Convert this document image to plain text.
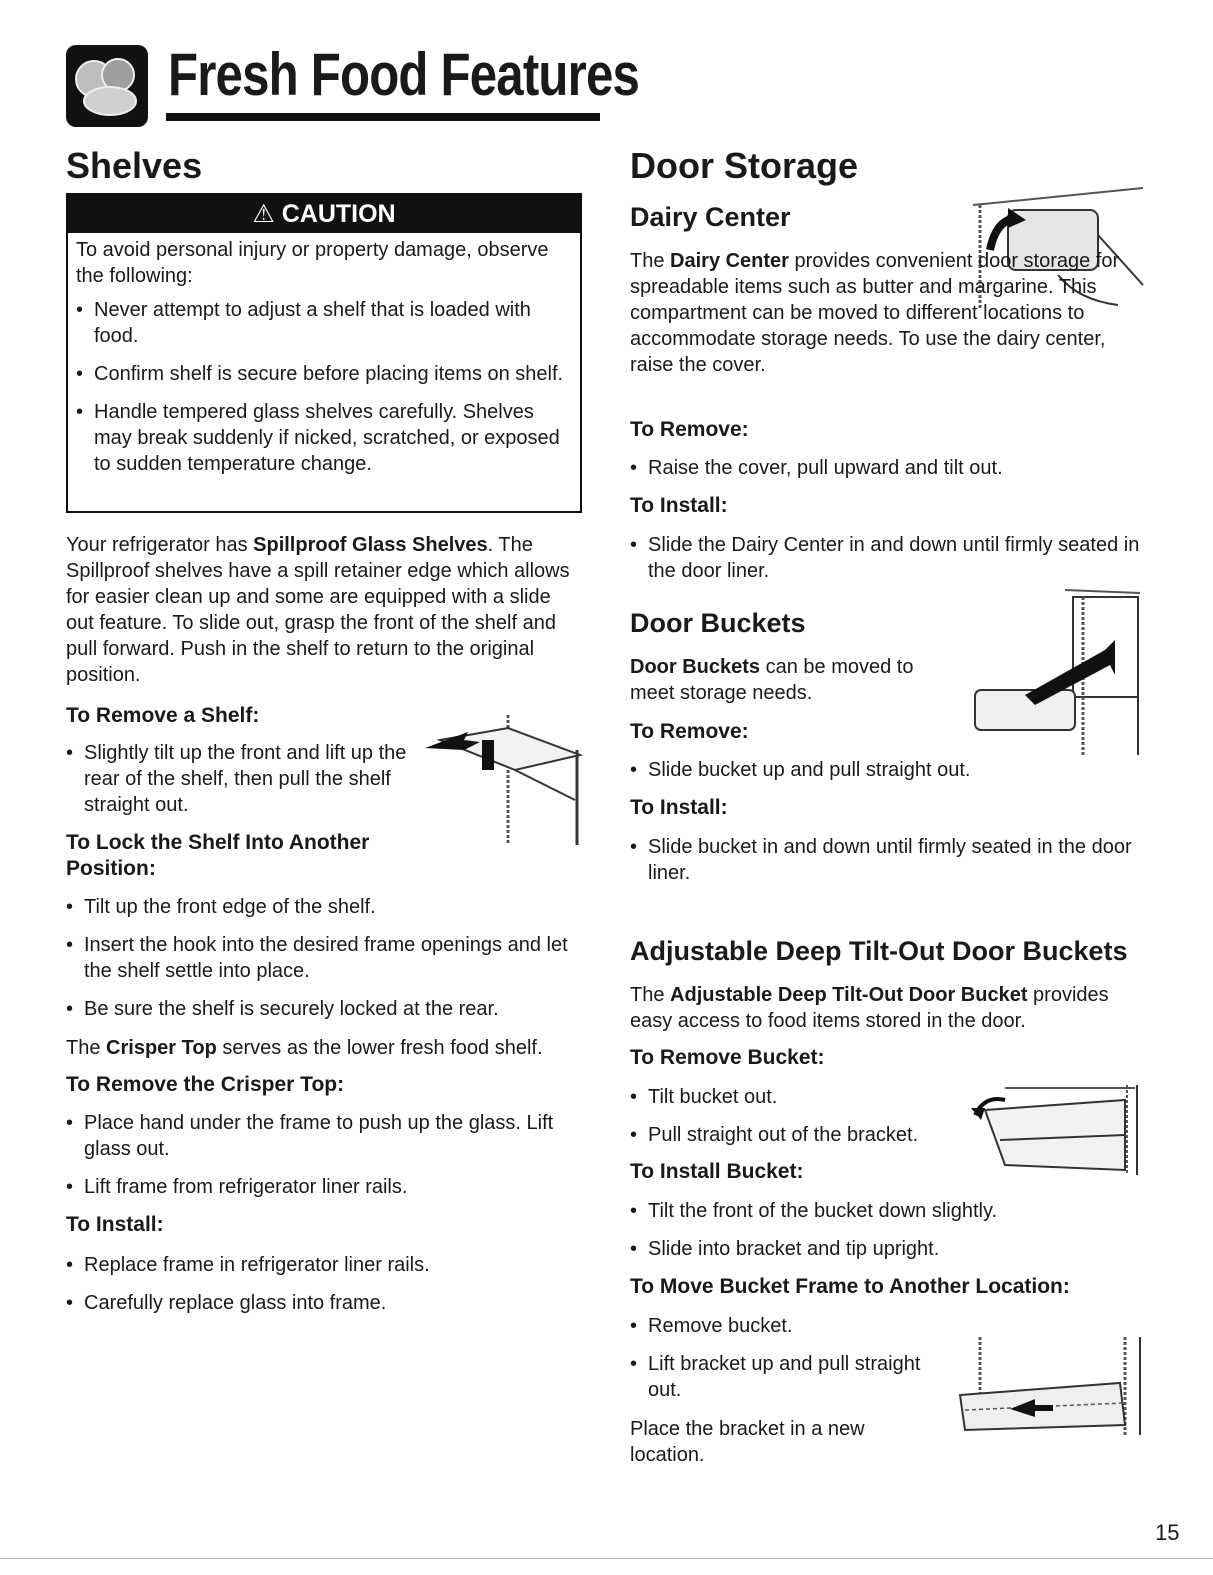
Fresh Food Features
Shelves
⚠ CAUTION
To avoid personal injury or property damage, observe the following:
• Never attempt to adjust a shelf that is loaded with food.
• Confirm shelf is secure before placing items on shelf.
• Handle tempered glass shelves carefully. Shelves may break suddenly if nicked, scratched, or exposed to sudden temperature change.
Your refrigerator has Spillproof Glass Shelves. The Spillproof shelves have a spill retainer edge which allows for easier clean up and some are equipped with a slide out feature. To slide out, grasp the front of the shelf and pull forward. Push in the shelf to return to the original position.
To Remove a Shelf:
• Slightly tilt up the front and lift up the rear of the shelf, then pull the shelf straight out.
To Lock the Shelf Into Another Position:
• Tilt up the front edge of the shelf.
• Insert the hook into the desired frame openings and let the shelf settle into place.
• Be sure the shelf is securely locked at the rear.
The Crisper Top serves as the lower fresh food shelf.
To Remove the Crisper Top:
• Place hand under the frame to push up the glass. Lift glass out.
• Lift frame from refrigerator liner rails.
To Install:
• Replace frame in refrigerator liner rails.
• Carefully replace glass into frame.
Door Storage
Dairy Center
The Dairy Center provides convenient door storage for spreadable items such as butter and margarine. This compartment can be moved to different locations to accommodate storage needs. To use the dairy center, raise the cover.
To Remove:
• Raise the cover, pull upward and tilt out.
To Install:
• Slide the Dairy Center in and down until firmly seated in the door liner.
Door Buckets
Door Buckets can be moved to meet storage needs.
To Remove:
• Slide bucket up and pull straight out.
To Install:
• Slide bucket in and down until firmly seated in the door liner.
Adjustable Deep Tilt-Out Door Buckets
The Adjustable Deep Tilt-Out Door Bucket provides easy access to food items stored in the door.
To Remove Bucket:
• Tilt bucket out.
• Pull straight out of the bracket.
To Install Bucket:
• Tilt the front of the bucket down slightly.
• Slide into bracket and tip upright.
To Move Bucket Frame to Another Location:
• Remove bucket.
• Lift bracket up and pull straight out.
Place the bracket in a new location.
15
